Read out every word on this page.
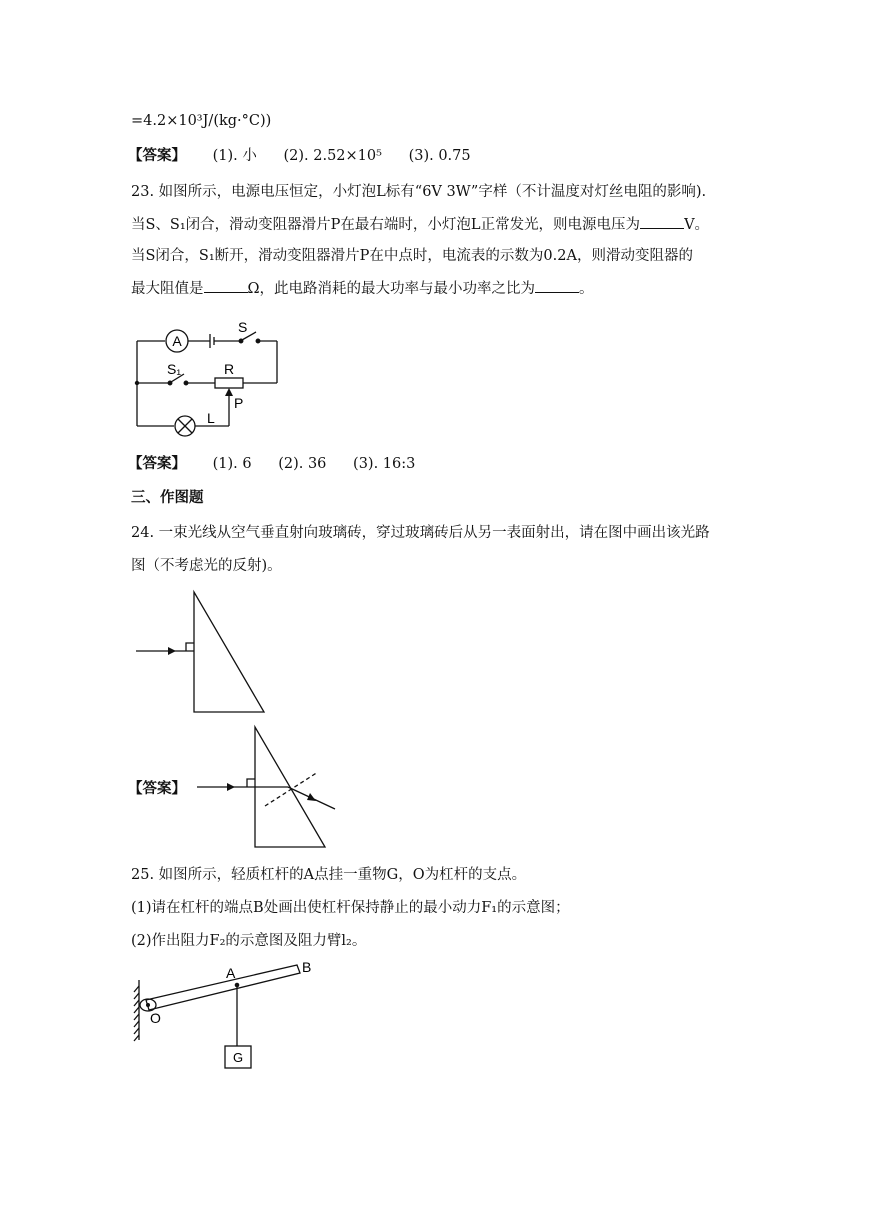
=4.2×10³J/(kg·°C))
【答案】 (1). 小 (2). 2.52×10⁵ (3). 0.75
23. 如图所示，电源电压恒定，小灯泡L标有“6V 3W”字样（不计温度对灯丝电阻的影响).
当S、S₁闭合，滑动变阻器滑片P在最右端时，小灯泡L正常发光，则电源电压为	V。
当S闭合，S₁断开，滑动变阻器滑片P在中点时，电流表的示数为0.2A，则滑动变阻器的
最大阻值是	Ω，此电路消耗的最大功率与最小功率之比为	。
A
S
S₁	R
P
L
【答案】 (1). 6 (2). 36 (3). 16:3
三、作图题
24. 一束光线从空气垂直射向玻璃砖，穿过玻璃砖后从另一表面射出，请在图中画出该光路
图（不考虑光的反射)。
【答案】
25. 如图所示，轻质杠杆的A点挂一重物G，O为杠杆的支点。
(1)请在杠杆的端点B处画出使杠杆保持静止的最小动力F₁的示意图；
(2)作出阻力F₂的示意图及阻力臂l₂。
O
A	B
G
